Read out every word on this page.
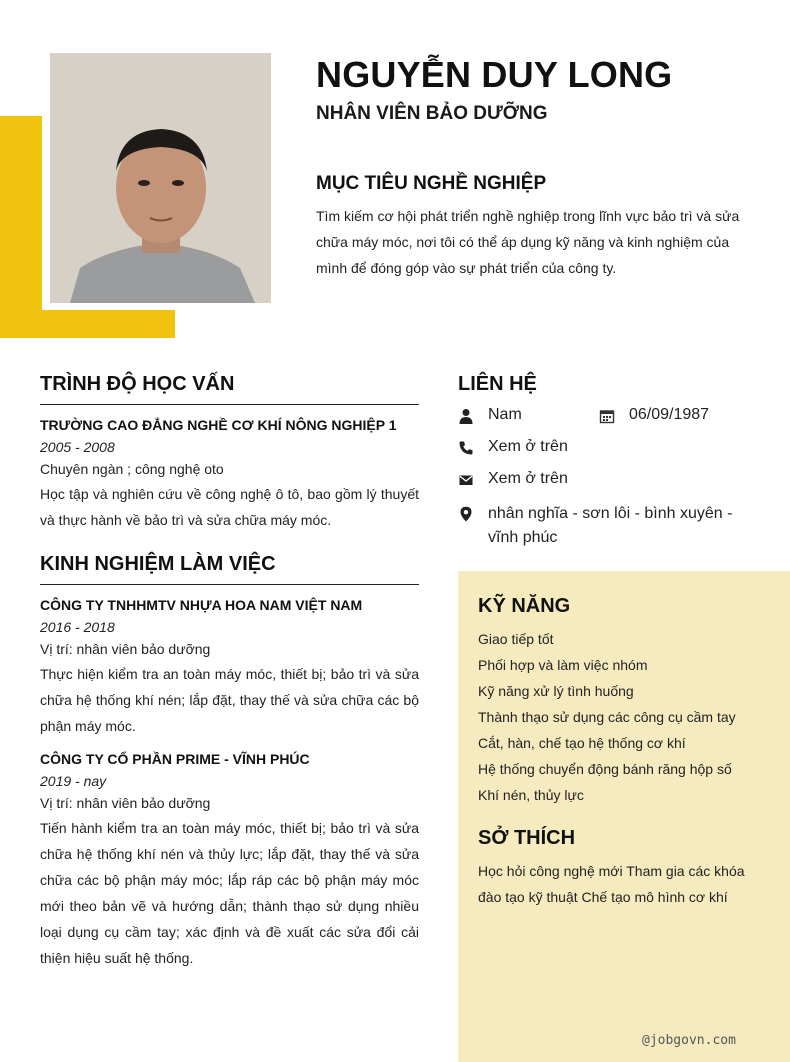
NGUYỄN DUY LONG
NHÂN VIÊN BẢO DƯỠNG
MỤC TIÊU NGHỀ NGHIỆP
Tìm kiếm cơ hội phát triển nghề nghiệp trong lĩnh vực bảo trì và sửa chữa máy móc, nơi tôi có thể áp dụng kỹ năng và kinh nghiệm của mình để đóng góp vào sự phát triển của công ty.
TRÌNH ĐỘ HỌC VẤN
TRƯỜNG CAO ĐẲNG NGHỀ CƠ KHÍ NÔNG NGHIỆP 1
2005 - 2008
Chuyên ngàn ; công nghệ oto
Học tập và nghiên cứu về công nghệ ô tô, bao gồm lý thuyết và thực hành về bảo trì và sửa chữa máy móc.
KINH NGHIỆM LÀM VIỆC
CÔNG TY TNHHMTV NHỰA HOA NAM VIỆT NAM
2016 - 2018
Vị trí: nhân viên bảo dưỡng
Thực hiện kiểm tra an toàn máy móc, thiết bị; bảo trì và sửa chữa hệ thống khí nén; lắp đặt, thay thế và sửa chữa các bộ phận máy móc.
CÔNG TY CỔ PHẦN PRIME - VĨNH PHÚC
2019 - nay
Vị trí: nhân viên bảo dưỡng
Tiến hành kiểm tra an toàn máy móc, thiết bị; bảo trì và sửa chữa hệ thống khí nén và thủy lực; lắp đặt, thay thế và sửa chữa các bộ phận máy móc; lắp ráp các bộ phận máy móc mới theo bản vẽ và hướng dẫn; thành thạo sử dụng nhiều loại dụng cụ cầm tay; xác định và đề xuất các sửa đổi cải thiện hiệu suất hệ thống.
LIÊN HỆ
Nam	06/09/1987
Xem ở trên
Xem ở trên
nhân nghĩa - sơn lôi - bình xuyên - vĩnh phúc
KỸ NĂNG
Giao tiếp tốt
Phối hợp và làm việc nhóm
Kỹ năng xử lý tình huống
Thành thạo sử dụng các công cụ cầm tay
Cắt, hàn, chế tạo hệ thống cơ khí
Hệ thống chuyển động bánh răng hộp số
Khí nén, thủy lực
SỞ THÍCH
Học hỏi công nghệ mới Tham gia các khóa đào tạo kỹ thuật Chế tạo mô hình cơ khí
@jobgovn.com
